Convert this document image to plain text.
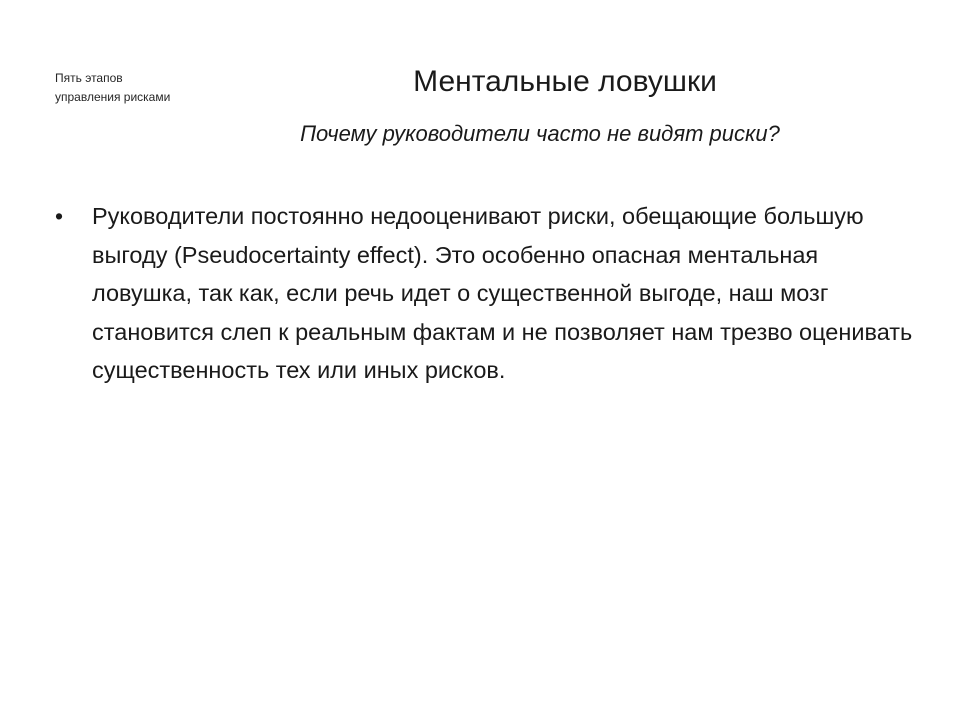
Пять этапов
управления рисками	Ментальные ловушки
Почему руководители часто не видят риски?
•	Руководители постоянно недооценивают риски, обещающие большую выгоду (Pseudocertainty effect). Это особенно опасная ментальная ловушка, так как, если речь идет о существенной выгоде, наш мозг становится слеп к реальным фактам и не позволяет нам трезво оценивать существенность тех или иных рисков.
